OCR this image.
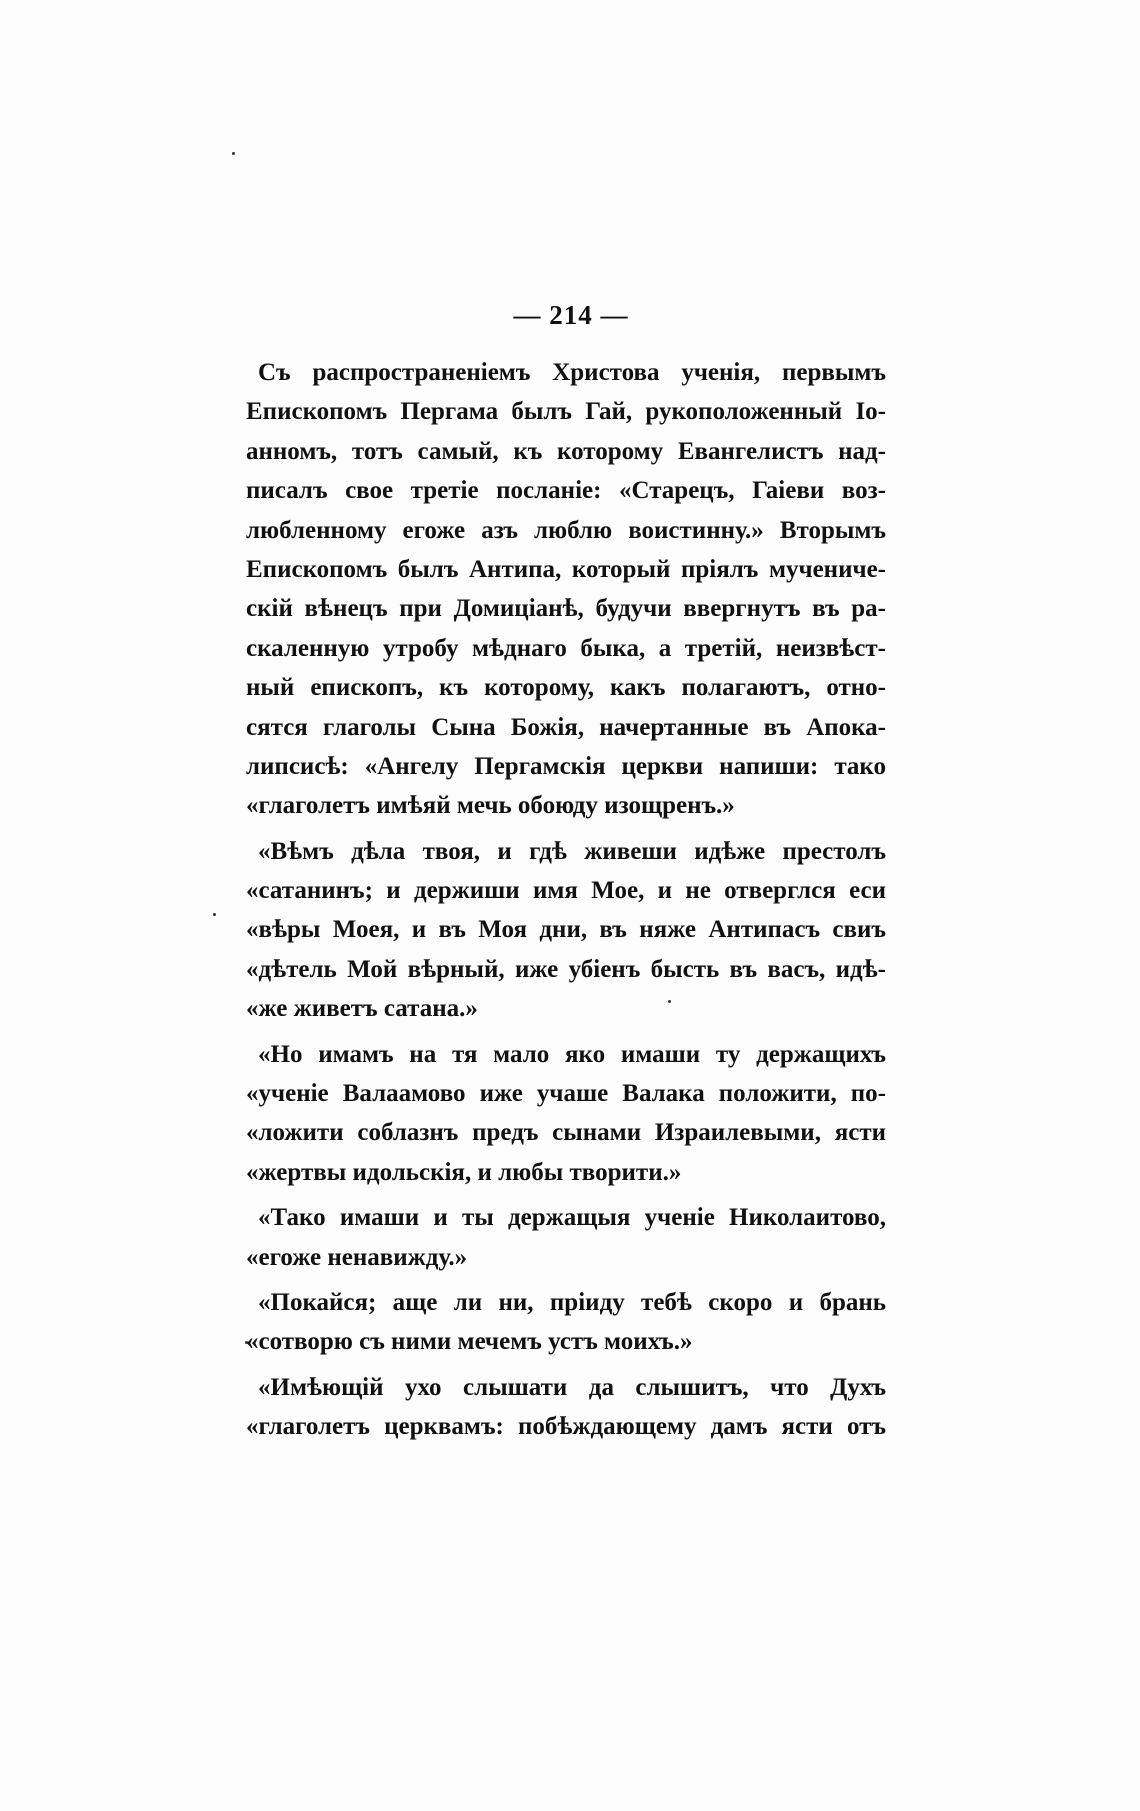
— 214 —
Съ распространеніемъ Христова ученія, первымъ
Епископомъ Пергама былъ Гай, рукоположенный Іо-
анномъ, тотъ самый, къ которому Евангелистъ над-
писалъ свое третіе посланіе: «Старецъ, Гаіеви воз-
любленному егоже азъ люблю воистинну.» Вторымъ
Епископомъ былъ Антипа, который пріялъ мучениче-
скій вѣнецъ при Домиціанѣ, будучи ввергнутъ въ ра-
скаленную утробу мѣднаго быка, а третій, неизвѣст-
ный епископъ, къ которому, какъ полагаютъ, отно-
сятся глаголы Сына Божія, начертанные въ Апока-
липсисѣ: «Ангелу Пергамскія церкви напиши: тако
«глаголетъ имѣяй мечь обоюду изощренъ.»
«Вѣмъ дѣла твоя, и гдѣ живеши идѣже престолъ
«сатанинъ; и держиши имя Мое, и не отверглся еси
«вѣры Моея, и въ Моя дни, въ няже Антипасъ свиъ
«дѣтель Мой вѣрный, иже убіенъ бысть въ васъ, идѣ-
«же живетъ сатана.»
«Но имамъ на тя мало яко имаши ту держащихъ
«ученіе Валаамово иже учаше Валака положити, по-
«ложити соблазнъ предъ сынами Израилевыми, ясти
«жертвы идольскія, и любы творити.»
«Тако имаши и ты держащыя ученіе Николаитово,
«егоже ненавижду.»
«Покайся; аще ли ни, пріиду тебѣ скоро и брань
«сотворю съ ними мечемъ устъ моихъ.»
«Имѣющій ухо слышати да слышитъ, что Духъ
«глаголетъ церквамъ: побѣждающему дамъ ясти отъ
